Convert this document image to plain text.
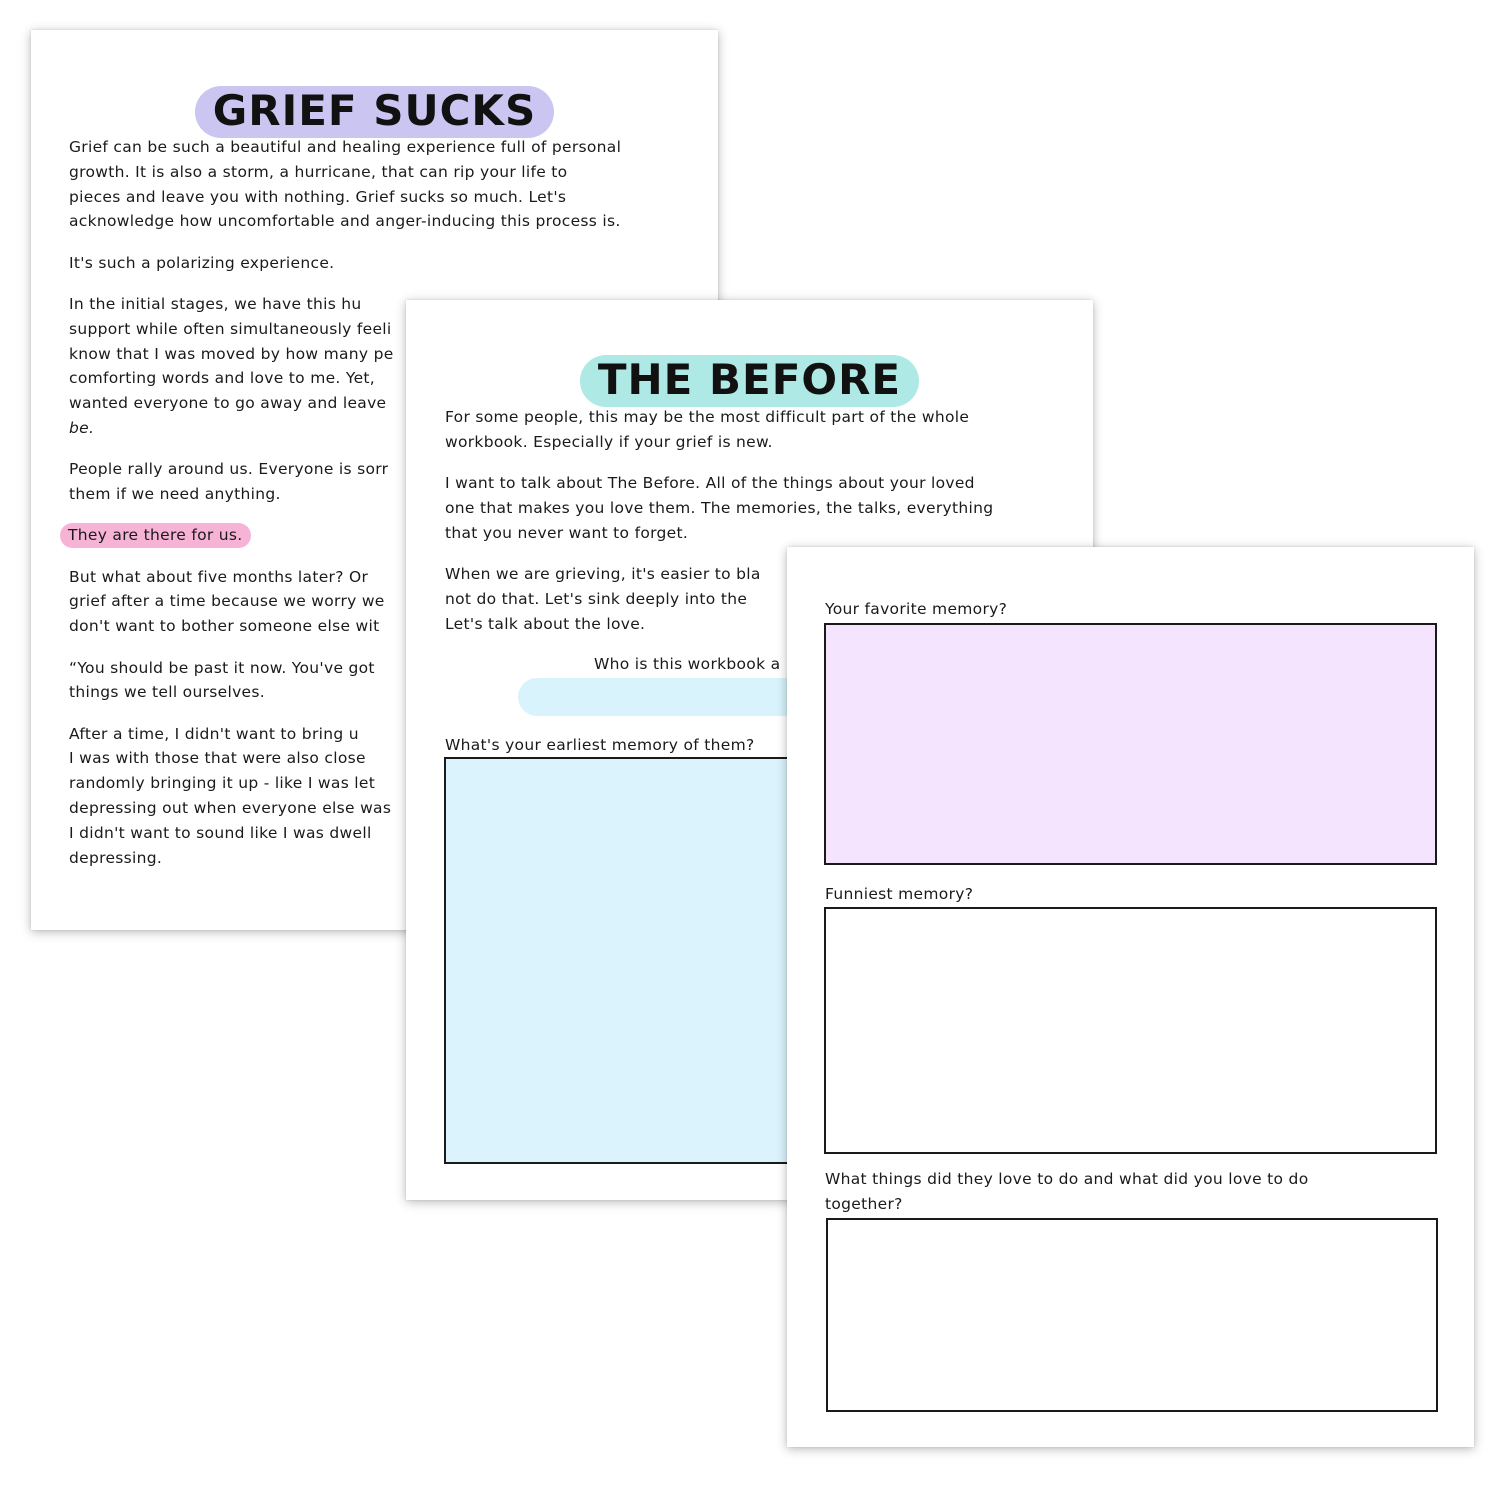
GRIEF SUCKS

Grief can be such a beautiful and healing experience full of personal
growth. It is also a storm, a hurricane, that can rip your life to
pieces and leave you with nothing. Grief sucks so much. Let's
acknowledge how uncomfortable and anger-inducing this process is.

It's such a polarizing experience.

In the initial stages, we have this hu
support while often simultaneously feeli
know that I was moved by how many pe
comforting words and love to me. Yet,
wanted everyone to go away and leave
be.

People rally around us. Everyone is sorr
them if we need anything.

They are there for us.

But what about five months later? Or
grief after a time because we worry we
don't want to bother someone else wit

“You should be past it now. You've got
things we tell ourselves.

After a time, I didn't want to bring u
I was with those that were also close
randomly bringing it up - like I was let
depressing out when everyone else was
I didn't want to sound like I was dwell
depressing.

THE BEFORE

For some people, this may be the most difficult part of the whole
workbook. Especially if your grief is new.

I want to talk about The Before. All of the things about your loved
one that makes you love them. The memories, the talks, everything
that you never want to forget.

When we are grieving, it's easier to bla
not do that. Let's sink deeply into the
Let's talk about the love.

Who is this workbook a
What's your earliest memory of them?
Your favorite memory?
Funniest memory?
What things did they love to do and what did you love to do
together?
